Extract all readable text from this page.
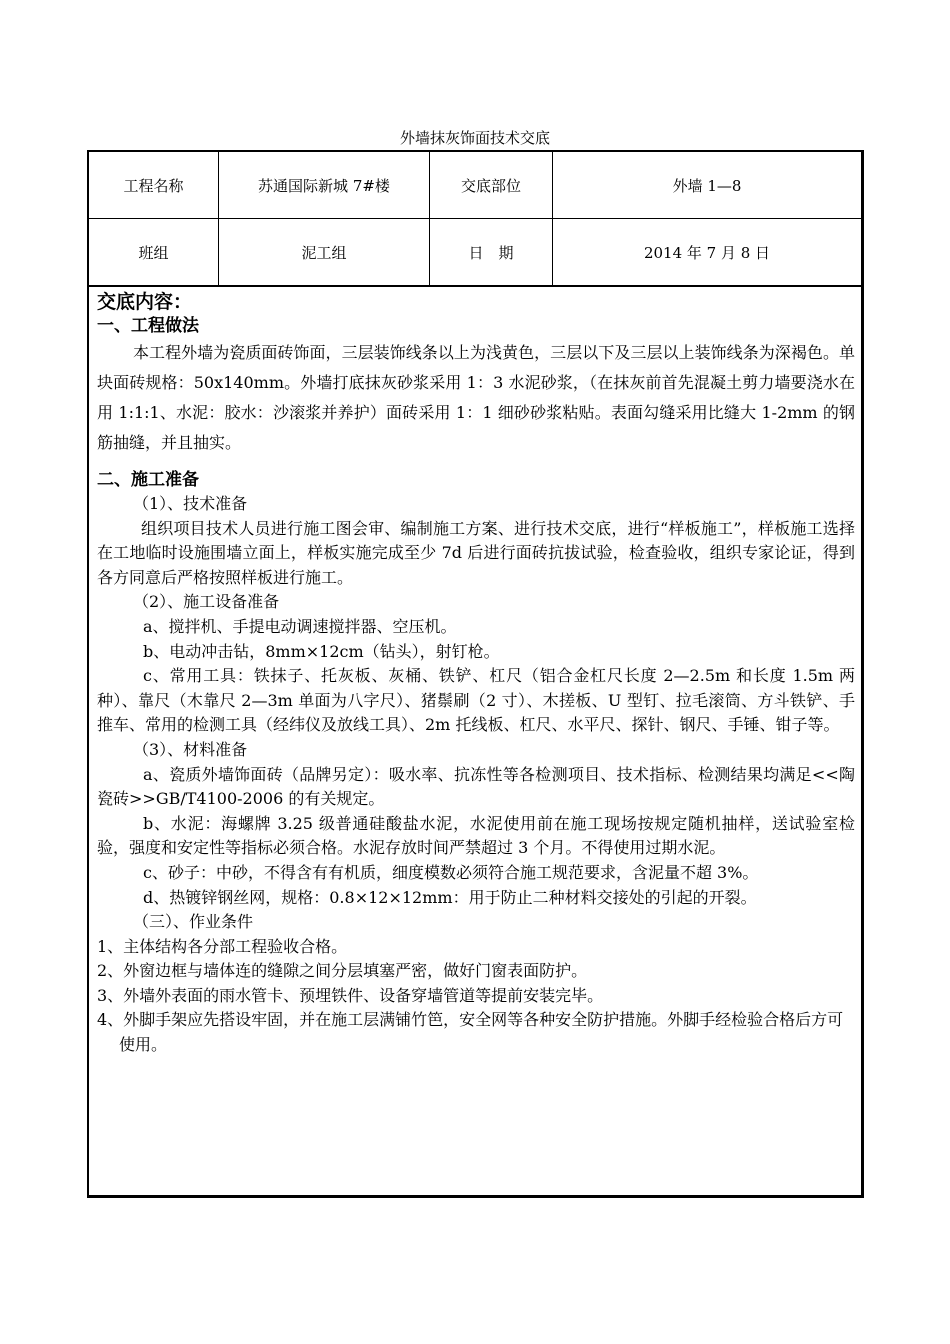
外墙抹灰饰面技术交底
工程名称	苏通国际新城 7#楼	交底部位	外墙 1—8
班组	泥工组	日　期	2014 年 7 月 8 日
交底内容：
一、工程做法

本工程外墙为瓷质面砖饰面，三层装饰线条以上为浅黄色，三层以下及三层以上装饰线条为深褐色。单块面砖规格：50x140mm。外墙打底抹灰砂浆采用 1：3 水泥砂浆，（在抹灰前首先混凝土剪力墙要浇水在用 1:1:1、水泥：胶水：沙滚浆并养护）面砖采用 1：1 细砂砂浆粘贴。表面勾缝采用比缝大 1-2mm 的钢筋抽缝，并且抽实。

二、施工准备

（1）、技术准备

组织项目技术人员进行施工图会审、编制施工方案、进行技术交底，进行“样板施工”，样板施工选择在工地临时设施围墙立面上，样板实施完成至少 7d 后进行面砖抗拔试验，检查验收，组织专家论证，得到各方同意后严格按照样板进行施工。

（2）、施工设备准备

a、搅拌机、手提电动调速搅拌器、空压机。

b、电动冲击钻，8mm×12cm（钻头），射钉枪。

c、常用工具：铁抹子、托灰板、灰桶、铁铲、杠尺（铝合金杠尺长度 2—2.5m 和长度 1.5m 两种）、靠尺（木靠尺 2—3m 单面为八字尺）、猪鬃刷（2 寸）、木搓板、U 型钉、拉毛滚筒、方斗铁铲、手推车、常用的检测工具（经纬仪及放线工具）、2m 托线板、杠尺、水平尺、探针、钢尺、手锤、钳子等。

（3）、材料准备

a、瓷质外墙饰面砖（品牌另定）：吸水率、抗冻性等各检测项目、技术指标、检测结果均满足<<陶瓷砖>>GB/T4100-2006 的有关规定。

b、水泥：海螺牌 3.25 级普通硅酸盐水泥，水泥使用前在施工现场按规定随机抽样，送试验室检验，强度和安定性等指标必须合格。水泥存放时间严禁超过 3 个月。不得使用过期水泥。

c、砂子：中砂，不得含有有机质，细度模数必须符合施工规范要求，含泥量不超 3%。

d、热镀锌钢丝网，规格：0.8×12×12mm：用于防止二种材料交接处的引起的开裂。

（三）、作业条件

1、主体结构各分部工程验收合格。

2、外窗边框与墙体连的缝隙之间分层填塞严密，做好门窗表面防护。

3、外墙外表面的雨水管卡、预埋铁件、设备穿墙管道等提前安装完毕。

4、外脚手架应先搭设牢固，并在施工层满铺竹笆，安全网等各种安全防护措施。外脚手经检验合格后方可使用。
